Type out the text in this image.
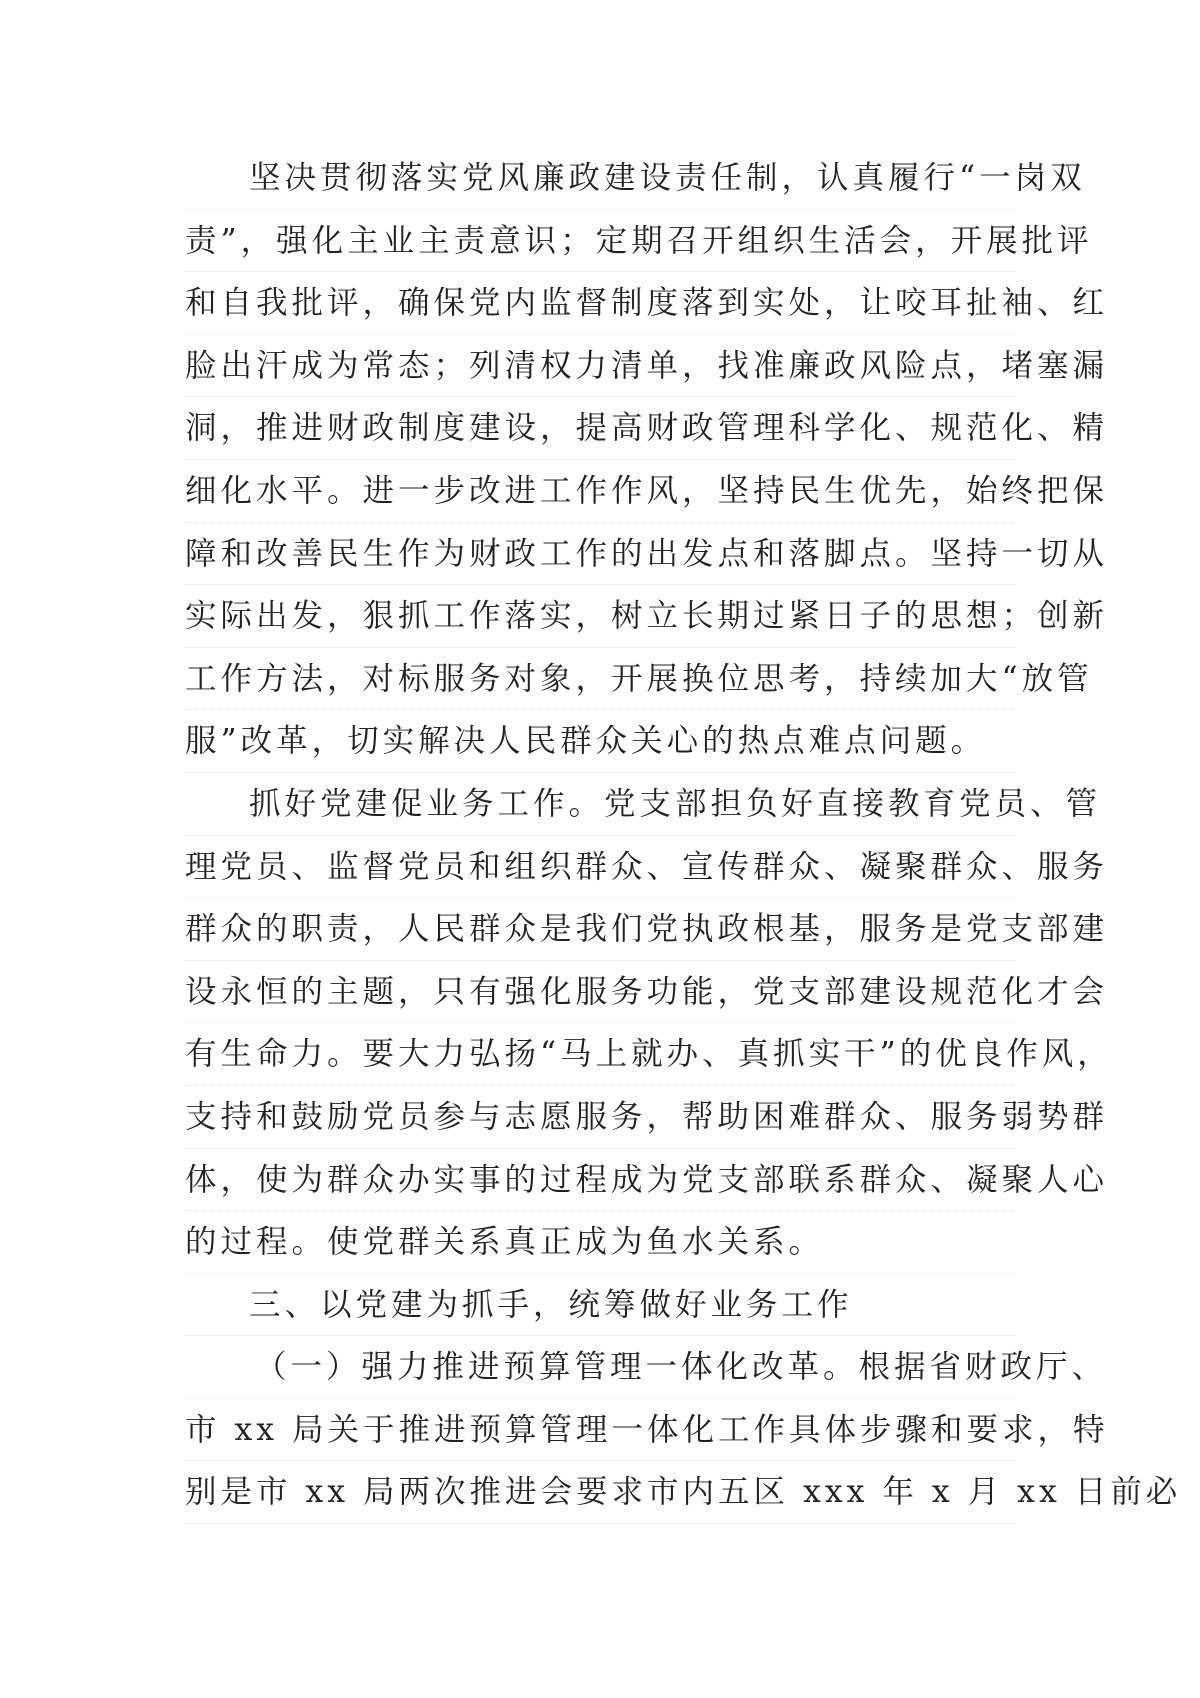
坚决贯彻落实党风廉政建设责任制，认真履行“一岗双
责”，强化主业主责意识；定期召开组织生活会，开展批评
和自我批评，确保党内监督制度落到实处，让咬耳扯袖、红
脸出汗成为常态；列清权力清单，找准廉政风险点，堵塞漏
洞，推进财政制度建设，提高财政管理科学化、规范化、精
细化水平。进一步改进工作作风，坚持民生优先，始终把保
障和改善民生作为财政工作的出发点和落脚点。坚持一切从
实际出发，狠抓工作落实，树立长期过紧日子的思想；创新
工作方法，对标服务对象，开展换位思考，持续加大“放管
服”改革，切实解决人民群众关心的热点难点问题。
抓好党建促业务工作。党支部担负好直接教育党员、管
理党员、监督党员和组织群众、宣传群众、凝聚群众、服务
群众的职责，人民群众是我们党执政根基，服务是党支部建
设永恒的主题，只有强化服务功能，党支部建设规范化才会
有生命力。要大力弘扬“马上就办、真抓实干”的优良作风，
支持和鼓励党员参与志愿服务，帮助困难群众、服务弱势群
体，使为群众办实事的过程成为党支部联系群众、凝聚人心
的过程。使党群关系真正成为鱼水关系。
三、以党建为抓手，统筹做好业务工作
（一）强力推进预算管理一体化改革。根据省财政厅、
市 xx 局关于推进预算管理一体化工作具体步骤和要求，特
别是市 xx 局两次推进会要求市内五区 xxx 年 x 月 xx 日前必
